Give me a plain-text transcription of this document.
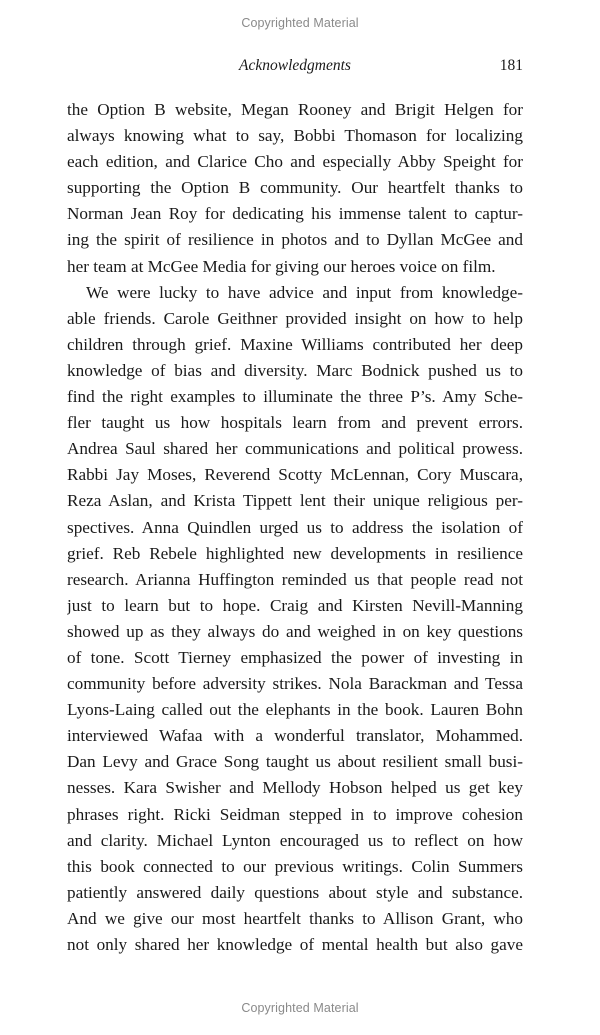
Copyrighted Material
Acknowledgments	181
the Option B website, Megan Rooney and Brigit Helgen for
always knowing what to say, Bobbi Thomason for localizing
each edition, and Clarice Cho and especially Abby Speight for
supporting the Option B community. Our heartfelt thanks to
Norman Jean Roy for dedicating his immense talent to captur-
ing the spirit of resilience in photos and to Dyllan McGee and
her team at McGee Media for giving our heroes voice on film.
We were lucky to have advice and input from knowledge-
able friends. Carole Geithner provided insight on how to help
children through grief. Maxine Williams contributed her deep
knowledge of bias and diversity. Marc Bodnick pushed us to
find the right examples to illuminate the three P’s. Amy Sche-
fler taught us how hospitals learn from and prevent errors.
Andrea Saul shared her communications and political prowess.
Rabbi Jay Moses, Reverend Scotty McLennan, Cory Muscara,
Reza Aslan, and Krista Tippett lent their unique religious per-
spectives. Anna Quindlen urged us to address the isolation of
grief. Reb Rebele highlighted new developments in resilience
research. Arianna Huffington reminded us that people read not
just to learn but to hope. Craig and Kirsten Nevill-Manning
showed up as they always do and weighed in on key questions
of tone. Scott Tierney emphasized the power of investing in
community before adversity strikes. Nola Barackman and Tessa
Lyons-Laing called out the elephants in the book. Lauren Bohn
interviewed Wafaa with a wonderful translator, Mohammed.
Dan Levy and Grace Song taught us about resilient small busi-
nesses. Kara Swisher and Mellody Hobson helped us get key
phrases right. Ricki Seidman stepped in to improve cohesion
and clarity. Michael Lynton encouraged us to reflect on how
this book connected to our previous writings. Colin Summers
patiently answered daily questions about style and substance.
And we give our most heartfelt thanks to Allison Grant, who
not only shared her knowledge of mental health but also gave
Copyrighted Material
